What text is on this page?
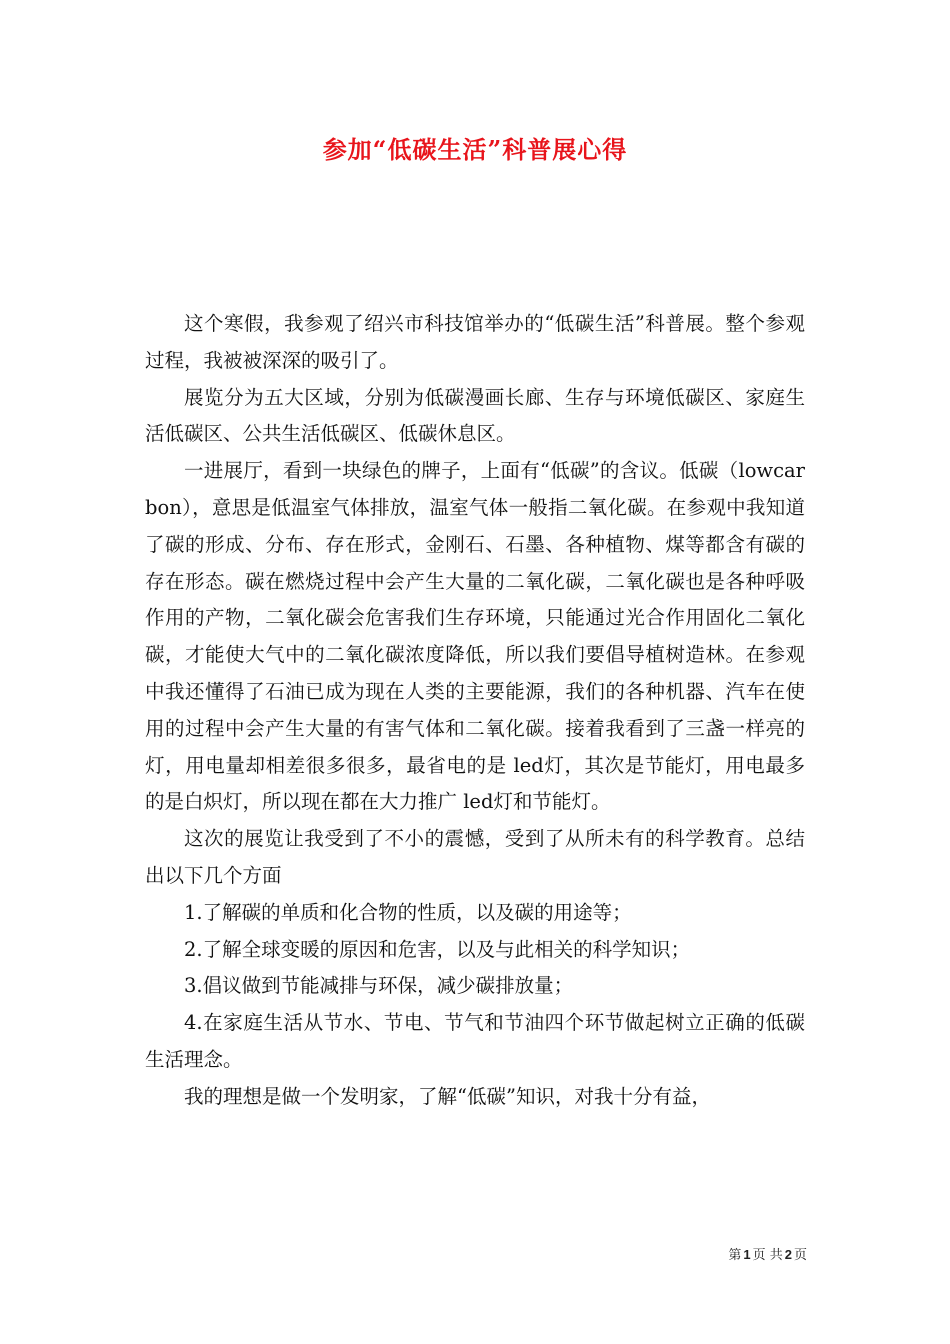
参加“低碳生活”科普展心得

这个寒假，我参观了绍兴市科技馆举办的“低碳生活”科普展。整个参观过程，我被被深深的吸引了。

展览分为五大区域，分别为低碳漫画长廊、生存与环境低碳区、家庭生活低碳区、公共生活低碳区、低碳休息区。

一进展厅，看到一块绿色的牌子，上面有“低碳”的含议。低碳（lowcarbon），意思是低温室气体排放，温室气体一般指二氧化碳。在参观中我知道了碳的形成、分布、存在形式，金刚石、石墨、各种植物、煤等都含有碳的存在形态。碳在燃烧过程中会产生大量的二氧化碳，二氧化碳也是各种呼吸作用的产物，二氧化碳会危害我们生存环境，只能通过光合作用固化二氧化碳，才能使大气中的二氧化碳浓度降低，所以我们要倡导植树造林。在参观中我还懂得了石油已成为现在人类的主要能源，我们的各种机器、汽车在使用的过程中会产生大量的有害气体和二氧化碳。接着我看到了三盏一样亮的灯，用电量却相差很多很多，最省电的是 led灯，其次是节能灯，用电最多的是白炽灯，所以现在都在大力推广 led灯和节能灯。

这次的展览让我受到了不小的震憾，受到了从所未有的科学教育。总结出以下几个方面

1.了解碳的单质和化合物的性质，以及碳的用途等；

2.了解全球变暖的原因和危害，以及与此相关的科学知识；

3.倡议做到节能减排与环保，减少碳排放量；

4.在家庭生活从节水、节电、节气和节油四个环节做起树立正确的低碳生活理念。

我的理想是做一个发明家，了解“低碳”知识，对我十分有益，

第 1 页 共 2 页
